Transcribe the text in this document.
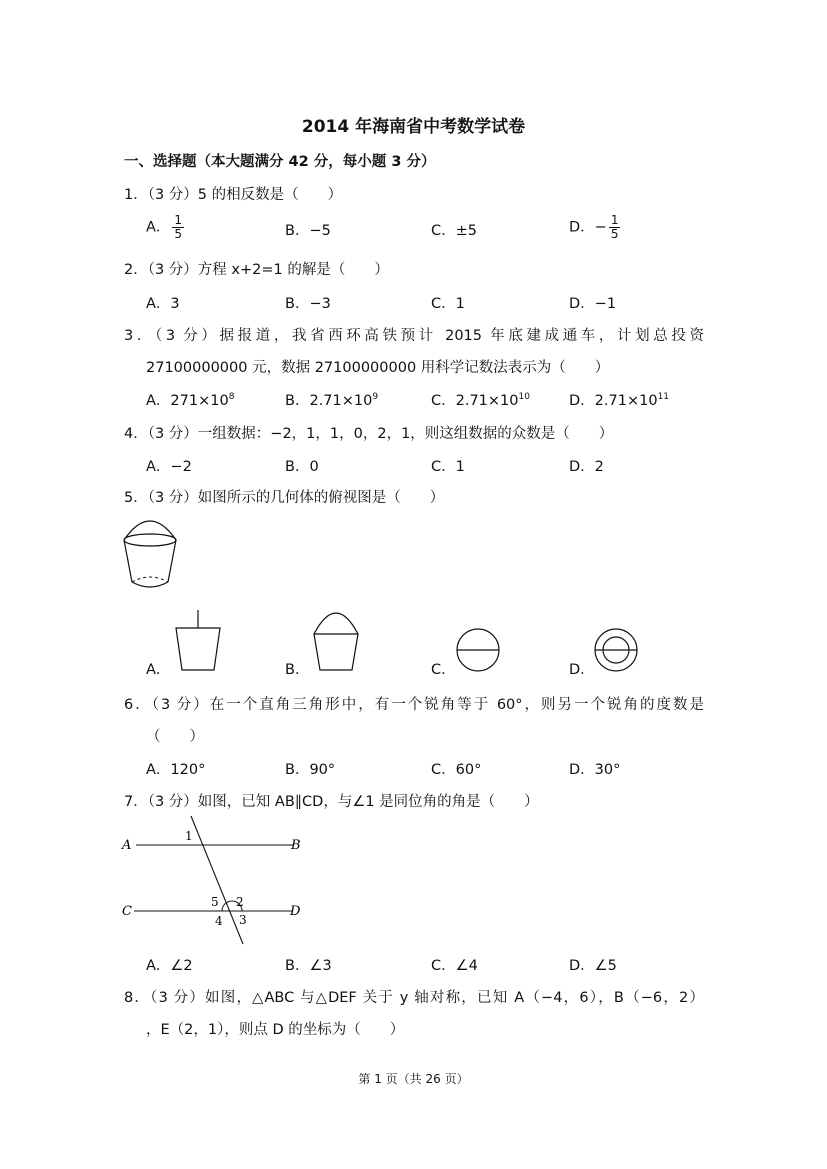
2014 年海南省中考数学试卷
一、选择题（本大题满分 42 分，每小题 3 分）
1．（3 分）5 的相反数是（　　）
A． $\frac{1}{5}$	B．−5	C．±5	D．− $\frac{1}{5}$
2．（3 分）方程 x+2=1 的解是（　　）
A．3	B．−3	C．1	D．−1
3．（3 分）据报道，我省西环高铁预计 2015 年底建成通车，计划总投资
27100000000 元，数据 27100000000 用科学记数法表示为（　　）
A．$271\times 10^8$	B．$2.71\times 10^9$	C．$2.71\times 10^{10}$	D．$2.71\times 10^{11}$
4．（3 分）一组数据：−2，1，1，0，2，1，则这组数据的众数是（　　）
A．−2	B．0	C．1	D．2
5．（3 分）如图所示的几何体的俯视图是（　　）
A．	B．	C．	D．
6．（3 分）在一个直角三角形中，有一个锐角等于 60°，则另一个锐角的度数是
（　　）
A．120°	B．90°	C．60°	D．30°
7．（3 分）如图，已知 AB∥CD，与∠1 是同位角的角是（　　）
A	B
C	D
1
2
3
4
5
A．∠2	B．∠3	C．∠4	D．∠5
8．（3 分）如图，△ABC 与△DEF 关于 y 轴对称，已知 A（−4，6），B（−6，2）
，E（2，1），则点 D 的坐标为（　　）
第 1 页（共 26 页）
